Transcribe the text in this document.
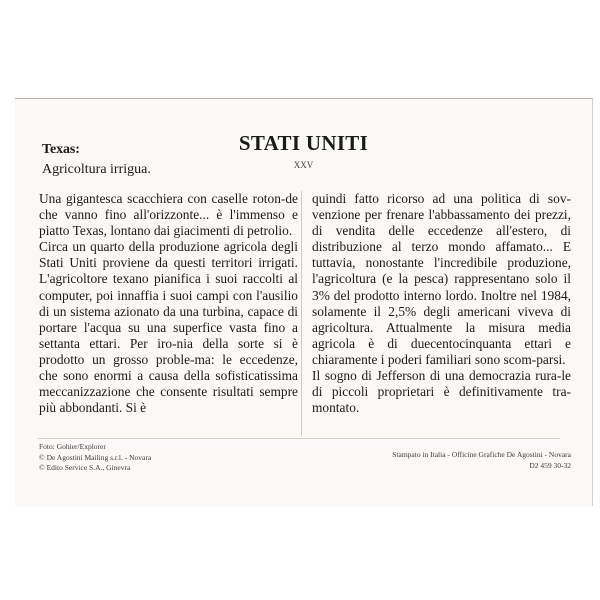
Texas:
Agricoltura irrigua.
STATI UNITI
XXV

Una gigantesca scacchiera con caselle roton-de che vanno fino all'orizzonte... è l'immenso e piatto Texas, lontano dai giacimenti di petrolio.

Circa un quarto della produzione agricola degli Stati Uniti proviene da questi territori irrigati. L'agricoltore texano pianifica i suoi raccolti al computer, poi innaffia i suoi campi con l'ausilio di un sistema azionato da una turbina, capace di portare l'acqua su una superfice vasta fino a settanta ettari. Per iro-nia della sorte si è prodotto un grosso proble-ma: le eccedenze, che sono enormi a causa della sofisticatissima meccanizzazione che consente risultati sempre più abbondanti. Si è

quindi fatto ricorso ad una politica di sov-venzione per frenare l'abbassamento dei prezzi, di vendita delle eccedenze all'estero, di distribuzione al terzo mondo affamato... E tuttavia, nonostante l'incredibile produzione, l'agricoltura (e la pesca) rappresentano solo il 3% del prodotto interno lordo. Inoltre nel 1984, solamente il 2,5% degli americani viveva di agricoltura. Attualmente la misura media agricola è di duecentocinquanta ettari e chiaramente i poderi familiari sono scom-parsi.

Il sogno di Jefferson di una democrazia rura-le di piccoli proprietari è definitivamente tra-montato.

Foto: Gohier/Explorer
© De Agostini Mailing s.r.l. - Novara
© Edito Service S.A., Ginevra
Stampato in Italia - Officine Grafiche De Agostini - Novara
D2 459 30-32
